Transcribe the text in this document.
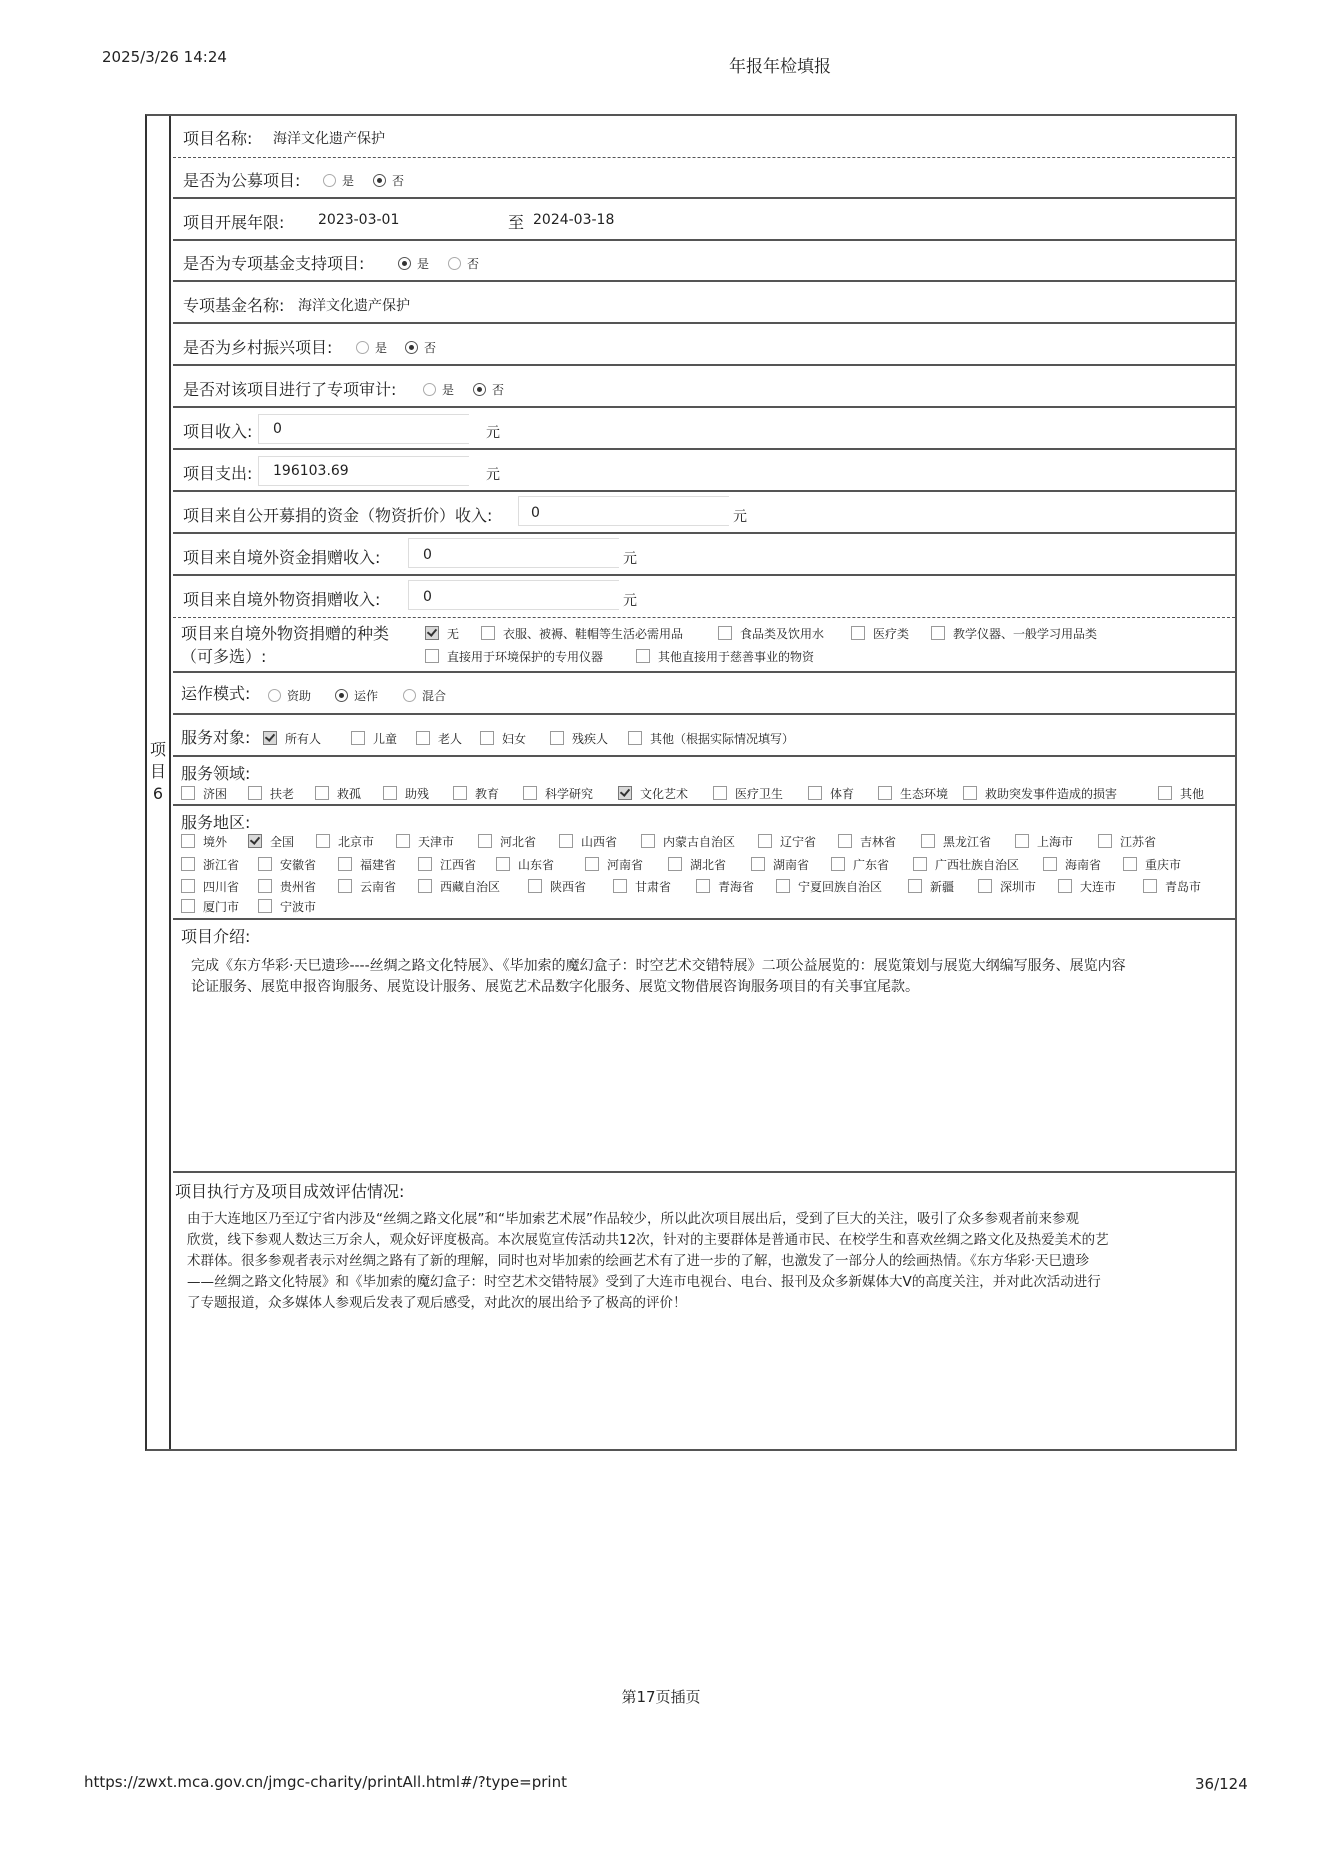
2025/3/26 14:24	年报年检填报
项
目
6
项目名称: 海洋文化遗产保护
是否为公募项目:	是	否
项目开展年限: 2023-03-01	至 2024-03-18
是否为专项基金支持项目:	是	否
专项基金名称: 海洋文化遗产保护
是否为乡村振兴项目:	是	否
是否对该项目进行了专项审计:	是	否
项目收入: 0	元
项目支出: 196103.69	元
项目来自公开募捐的资金（物资折价）收入:	0	元
项目来自境外资金捐赠收入:	0	元
项目来自境外物资捐赠收入:	0	元
项目来自境外物资捐赠的种类
（可多选）:
无	衣服、被褥、鞋帽等生活必需用品	食品类及饮用水	医疗类	教学仪器、一般学习用品类
直接用于环境保护的专用仪器	其他直接用于慈善事业的物资
运作模式:	资助	运作	混合
服务对象:	所有人	儿童	老人	妇女	残疾人	其他（根据实际情况填写）
服务领域:
济困	扶老	救孤	助残	教育	科学研究	文化艺术	医疗卫生	体育	生态环境	救助突发事件造成的损害	其他
服务地区:
境外	全国	北京市	天津市	河北省	山西省	内蒙古自治区	辽宁省	吉林省	黑龙江省	上海市	江苏省
浙江省	安徽省	福建省	江西省	山东省	河南省	湖北省	湖南省	广东省	广西壮族自治区	海南省	重庆市
四川省	贵州省	云南省	西藏自治区	陕西省	甘肃省	青海省	宁夏回族自治区	新疆	深圳市	大连市	青岛市
厦门市	宁波市
项目介绍:
完成《东方华彩·天巳遗珍----丝绸之路文化特展》、《毕加索的魔幻盒子：时空艺术交错特展》二项公益展览的：展览策划与展览大纲编写服务、展览内容
论证服务、展览申报咨询服务、展览设计服务、展览艺术品数字化服务、展览文物借展咨询服务项目的有关事宜尾款。
项目执行方及项目成效评估情况:
由于大连地区乃至辽宁省内涉及“丝绸之路文化展”和“毕加索艺术展”作品较少，所以此次项目展出后，受到了巨大的关注，吸引了众多参观者前来参观
欣赏，线下参观人数达三万余人，观众好评度极高。本次展览宣传活动共12次，针对的主要群体是普通市民、在校学生和喜欢丝绸之路文化及热爱美术的艺
术群体。很多参观者表示对丝绸之路有了新的理解，同时也对毕加索的绘画艺术有了进一步的了解，也激发了一部分人的绘画热情。《东方华彩·天巳遗珍
——丝绸之路文化特展》和《毕加索的魔幻盒子：时空艺术交错特展》受到了大连市电视台、电台、报刊及众多新媒体大V的高度关注，并对此次活动进行
了专题报道，众多媒体人参观后发表了观后感受，对此次的展出给予了极高的评价！
第17页插页
https://zwxt.mca.gov.cn/jmgc-charity/printAll.html#/?type=print	36/124
